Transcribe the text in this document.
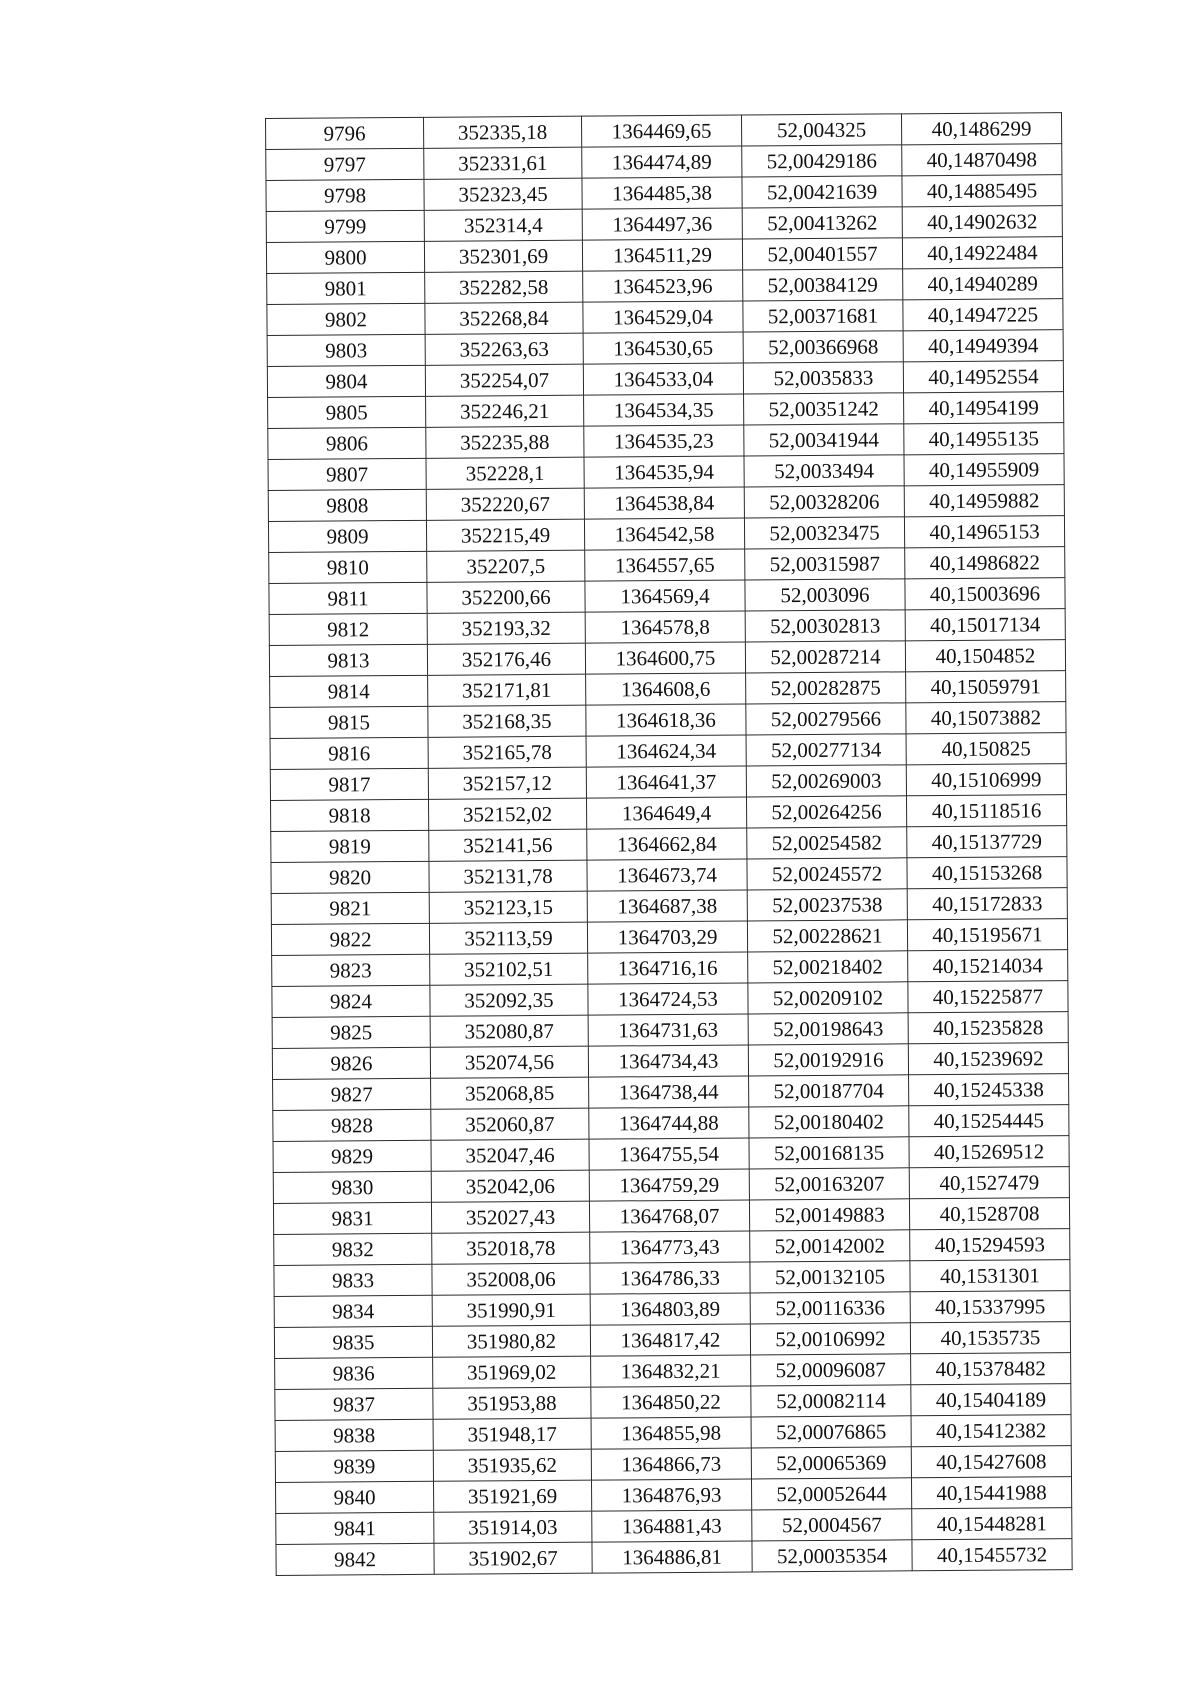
9796	352335,18	1364469,65	52,004325	40,1486299
9797	352331,61	1364474,89	52,00429186	40,14870498
9798	352323,45	1364485,38	52,00421639	40,14885495
9799	352314,4	1364497,36	52,00413262	40,14902632
9800	352301,69	1364511,29	52,00401557	40,14922484
9801	352282,58	1364523,96	52,00384129	40,14940289
9802	352268,84	1364529,04	52,00371681	40,14947225
9803	352263,63	1364530,65	52,00366968	40,14949394
9804	352254,07	1364533,04	52,0035833	40,14952554
9805	352246,21	1364534,35	52,00351242	40,14954199
9806	352235,88	1364535,23	52,00341944	40,14955135
9807	352228,1	1364535,94	52,0033494	40,14955909
9808	352220,67	1364538,84	52,00328206	40,14959882
9809	352215,49	1364542,58	52,00323475	40,14965153
9810	352207,5	1364557,65	52,00315987	40,14986822
9811	352200,66	1364569,4	52,003096	40,15003696
9812	352193,32	1364578,8	52,00302813	40,15017134
9813	352176,46	1364600,75	52,00287214	40,1504852
9814	352171,81	1364608,6	52,00282875	40,15059791
9815	352168,35	1364618,36	52,00279566	40,15073882
9816	352165,78	1364624,34	52,00277134	40,150825
9817	352157,12	1364641,37	52,00269003	40,15106999
9818	352152,02	1364649,4	52,00264256	40,15118516
9819	352141,56	1364662,84	52,00254582	40,15137729
9820	352131,78	1364673,74	52,00245572	40,15153268
9821	352123,15	1364687,38	52,00237538	40,15172833
9822	352113,59	1364703,29	52,00228621	40,15195671
9823	352102,51	1364716,16	52,00218402	40,15214034
9824	352092,35	1364724,53	52,00209102	40,15225877
9825	352080,87	1364731,63	52,00198643	40,15235828
9826	352074,56	1364734,43	52,00192916	40,15239692
9827	352068,85	1364738,44	52,00187704	40,15245338
9828	352060,87	1364744,88	52,00180402	40,15254445
9829	352047,46	1364755,54	52,00168135	40,15269512
9830	352042,06	1364759,29	52,00163207	40,1527479
9831	352027,43	1364768,07	52,00149883	40,1528708
9832	352018,78	1364773,43	52,00142002	40,15294593
9833	352008,06	1364786,33	52,00132105	40,1531301
9834	351990,91	1364803,89	52,00116336	40,15337995
9835	351980,82	1364817,42	52,00106992	40,1535735
9836	351969,02	1364832,21	52,00096087	40,15378482
9837	351953,88	1364850,22	52,00082114	40,15404189
9838	351948,17	1364855,98	52,00076865	40,15412382
9839	351935,62	1364866,73	52,00065369	40,15427608
9840	351921,69	1364876,93	52,00052644	40,15441988
9841	351914,03	1364881,43	52,0004567	40,15448281
9842	351902,67	1364886,81	52,00035354	40,15455732
